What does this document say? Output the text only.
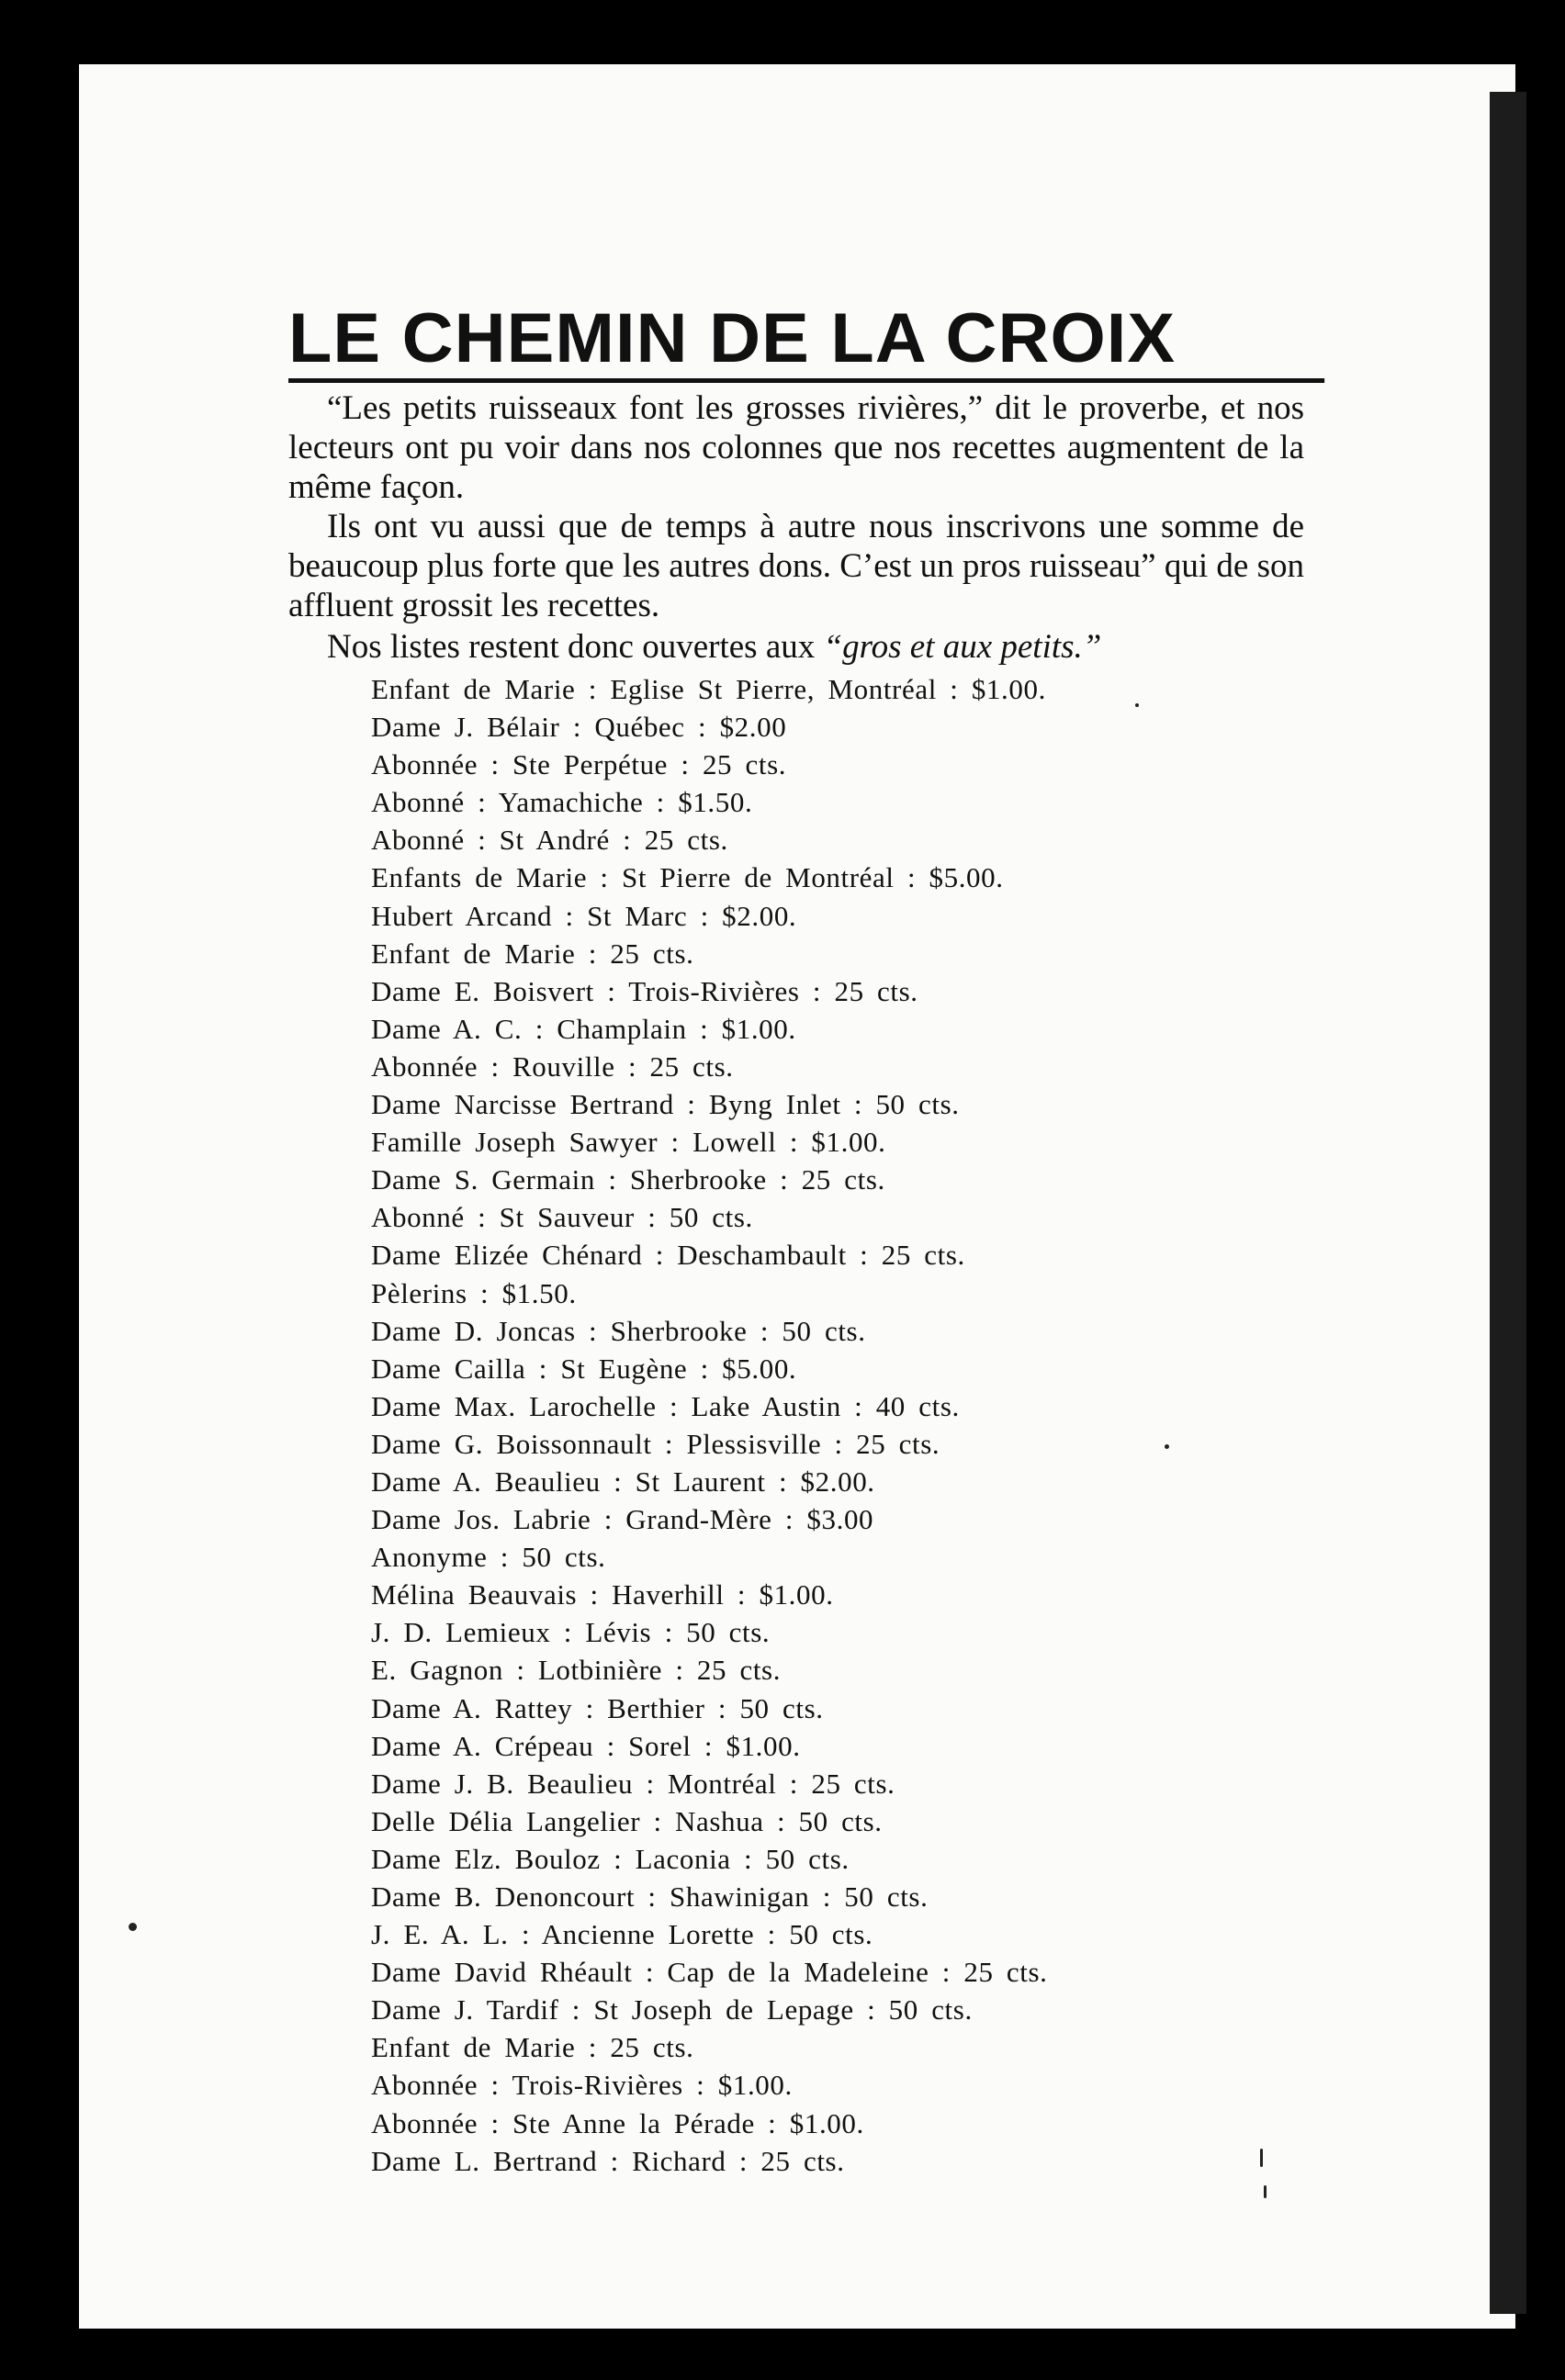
LE CHEMIN DE LA CROIX

“Les petits ruisseaux font les grosses rivières,” dit le proverbe, et nos lecteurs ont pu voir dans nos colonnes que nos recettes augmentent de la même façon.

Ils ont vu aussi que de temps à autre nous inscrivons une somme de beaucoup plus forte que les autres dons. C’est un pros ruisseau” qui de son affluent grossit les recettes.

Nos listes restent donc ouvertes aux “gros et aux petits.”

Enfant de Marie : Eglise St Pierre, Montréal : $1.00.
Dame J. Bélair : Québec : $2.00
Abonnée : Ste Perpétue : 25 cts.
Abonné : Yamachiche : $1.50.
Abonné : St André : 25 cts.
Enfants de Marie : St Pierre de Montréal : $5.00.
Hubert Arcand : St Marc : $2.00.
Enfant de Marie : 25 cts.
Dame E. Boisvert : Trois-Rivières : 25 cts.
Dame A. C. : Champlain : $1.00.
Abonnée : Rouville : 25 cts.
Dame Narcisse Bertrand : Byng Inlet : 50 cts.
Famille Joseph Sawyer : Lowell : $1.00.
Dame S. Germain : Sherbrooke : 25 cts.
Abonné : St Sauveur : 50 cts.
Dame Elizée Chénard : Deschambault : 25 cts.
Pèlerins : $1.50.
Dame D. Joncas : Sherbrooke : 50 cts.
Dame Cailla : St Eugène : $5.00.
Dame Max. Larochelle : Lake Austin : 40 cts.
Dame G. Boissonnault : Plessisville : 25 cts.
Dame A. Beaulieu : St Laurent : $2.00.
Dame Jos. Labrie : Grand-Mère : $3.00
Anonyme : 50 cts.
Mélina Beauvais : Haverhill : $1.00.
J. D. Lemieux : Lévis : 50 cts.
E. Gagnon : Lotbinière : 25 cts.
Dame A. Rattey : Berthier : 50 cts.
Dame A. Crépeau : Sorel : $1.00.
Dame J. B. Beaulieu : Montréal : 25 cts.
Delle Délia Langelier : Nashua : 50 cts.
Dame Elz. Bouloz : Laconia : 50 cts.
Dame B. Denoncourt : Shawinigan : 50 cts.
J. E. A. L. : Ancienne Lorette : 50 cts.
Dame David Rhéault : Cap de la Madeleine : 25 cts.
Dame J. Tardif : St Joseph de Lepage : 50 cts.
Enfant de Marie : 25 cts.
Abonnée : Trois-Rivières : $1.00.
Abonnée : Ste Anne la Pérade : $1.00.
Dame L. Bertrand : Richard : 25 cts.
